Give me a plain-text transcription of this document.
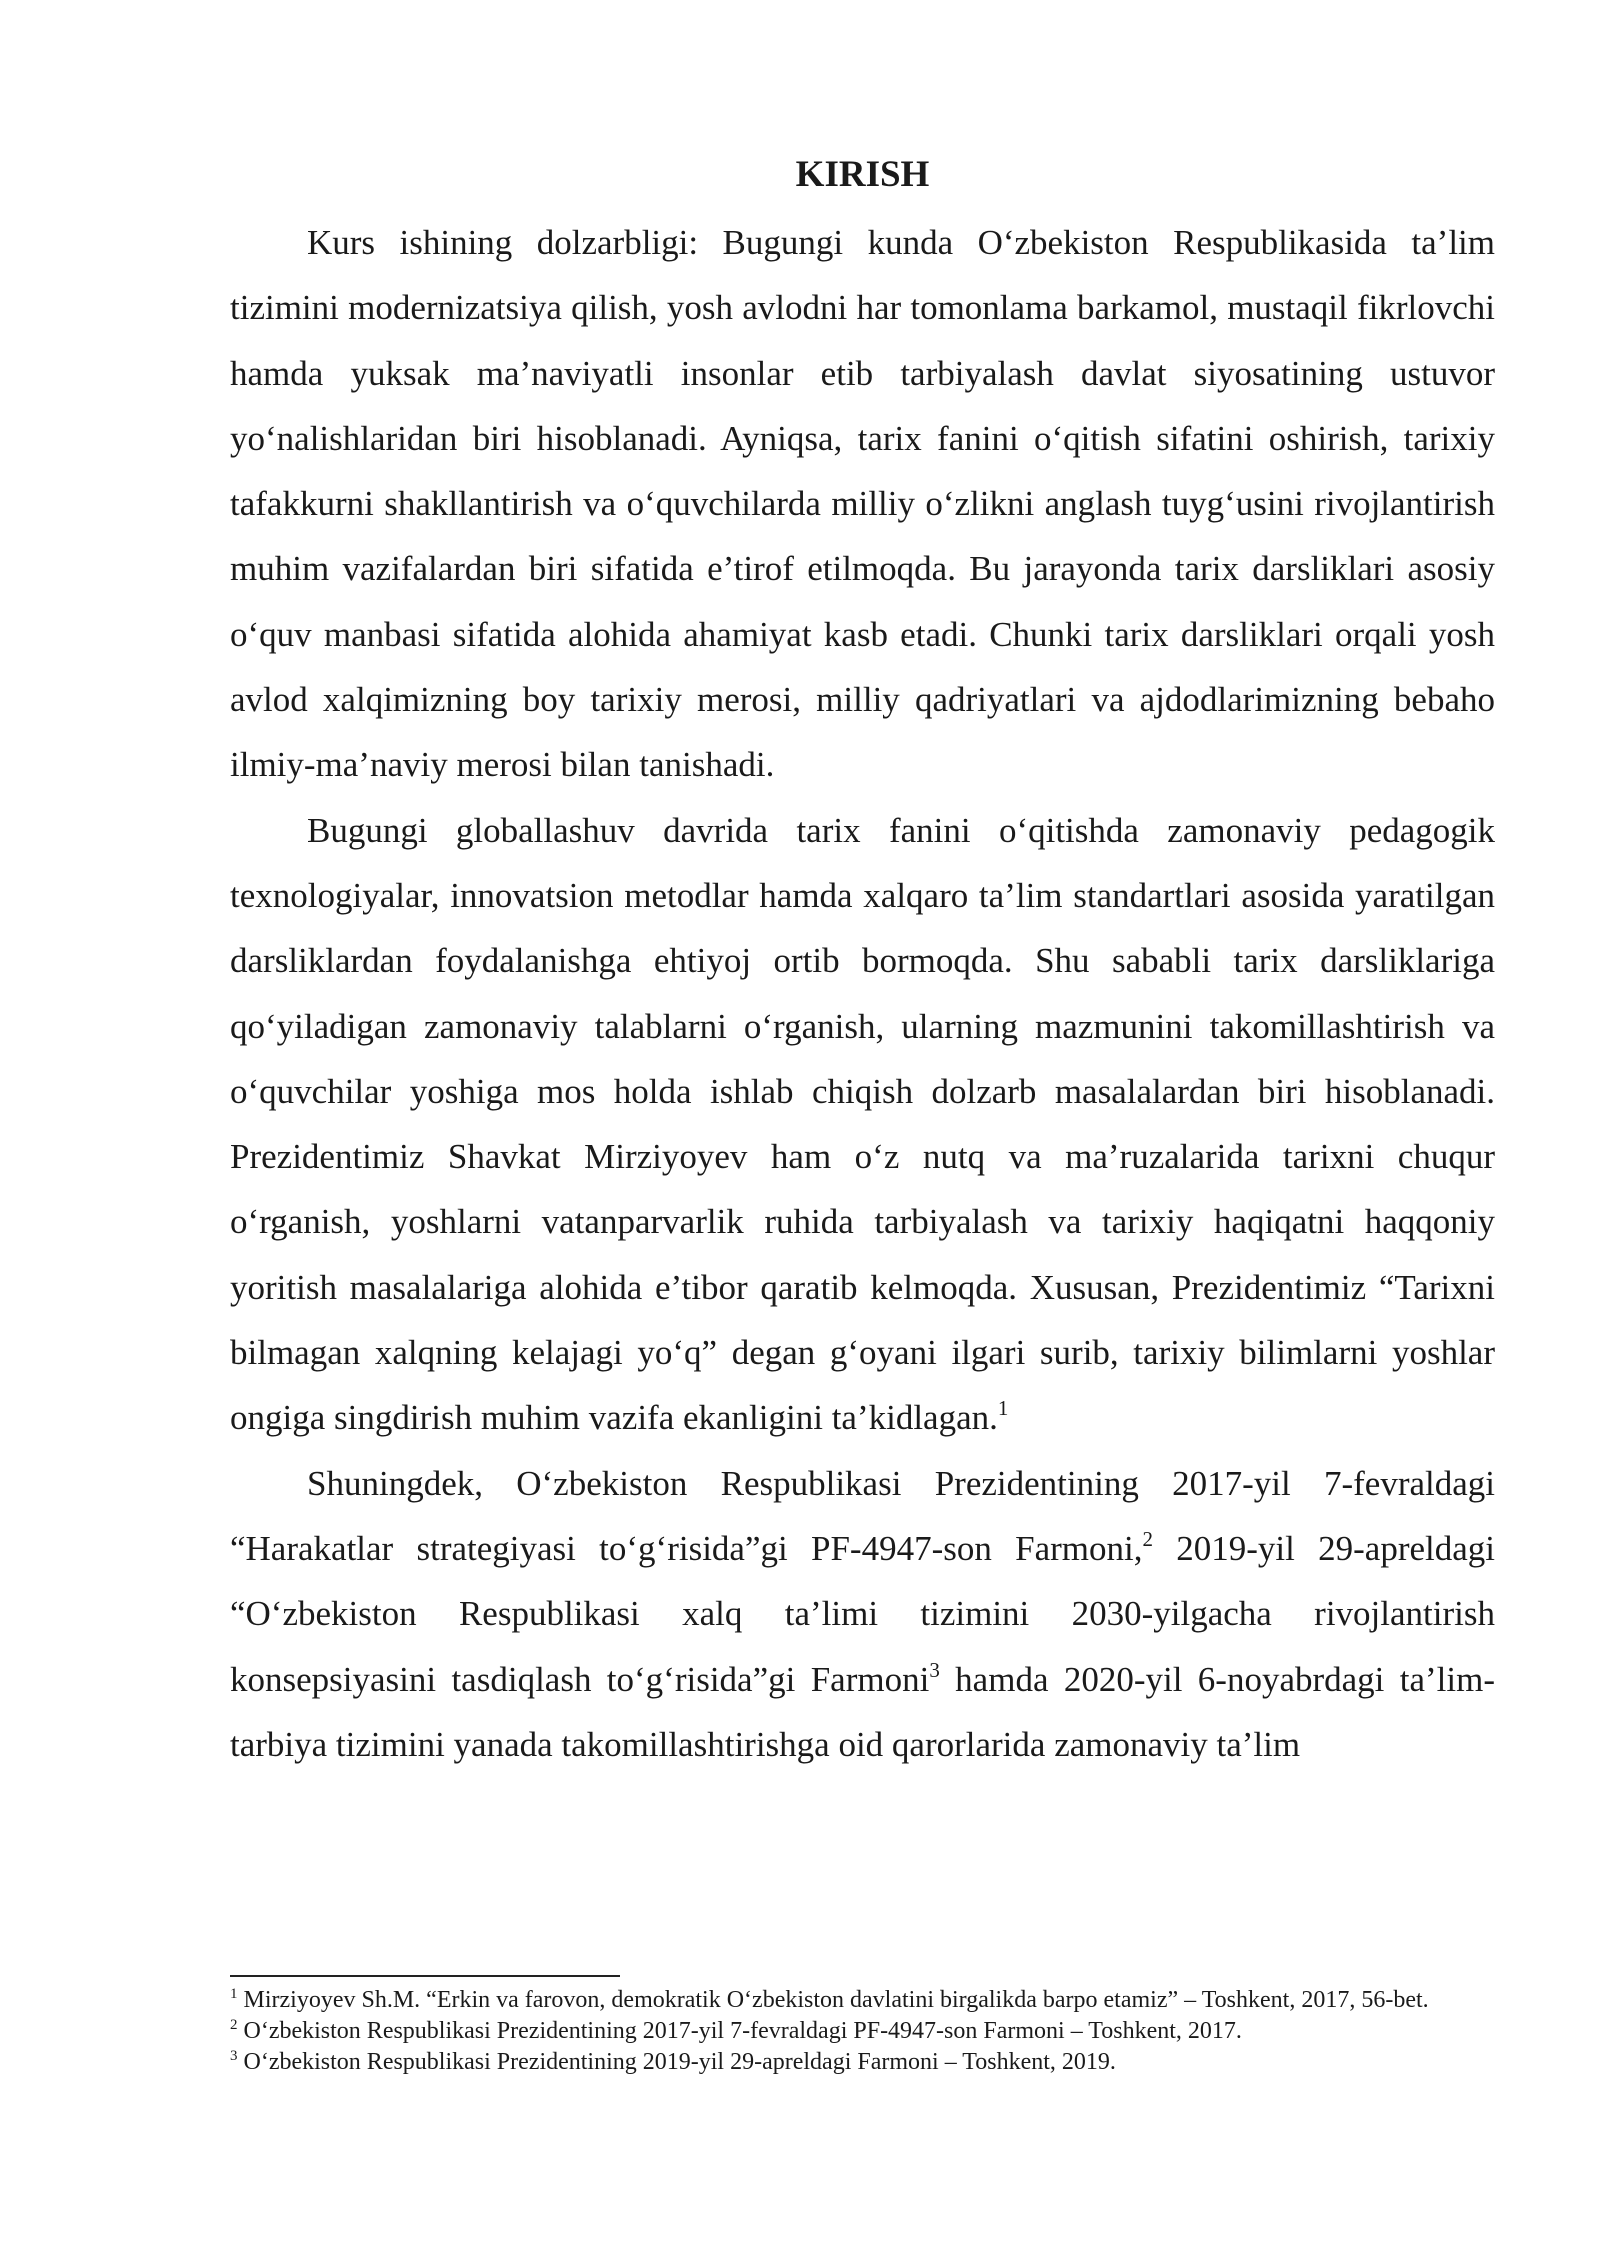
KIRISH

Kurs ishining dolzarbligi: Bugungi kunda O‘zbekiston Respublikasida ta’lim tizimini modernizatsiya qilish, yosh avlodni har tomonlama barkamol, mustaqil fikrlovchi hamda yuksak ma’naviyatli insonlar etib tarbiyalash davlat siyosatining ustuvor yo‘nalishlaridan biri hisoblanadi. Ayniqsa, tarix fanini o‘qitish sifatini oshirish, tarixiy tafakkurni shakllantirish va o‘quvchilarda milliy o‘zlikni anglash tuyg‘usini rivojlantirish muhim vazifalardan biri sifatida e’tirof etilmoqda. Bu jarayonda tarix darsliklari asosiy o‘quv manbasi sifatida alohida ahamiyat kasb etadi. Chunki tarix darsliklari orqali yosh avlod xalqimizning boy tarixiy merosi, milliy qadriyatlari va ajdodlarimizning bebaho ilmiy-ma’naviy merosi bilan tanishadi.

Bugungi globallashuv davrida tarix fanini o‘qitishda zamonaviy pedagogik texnologiyalar, innovatsion metodlar hamda xalqaro ta’lim standartlari asosida yaratilgan darsliklardan foydalanishga ehtiyoj ortib bormoqda. Shu sababli tarix darsliklariga qo‘yiladigan zamonaviy talablarni o‘rganish, ularning mazmunini takomillashtirish va o‘quvchilar yoshiga mos holda ishlab chiqish dolzarb masalalardan biri hisoblanadi. Prezidentimiz Shavkat Mirziyoyev ham o‘z nutq va ma’ruzalarida tarixni chuqur o‘rganish, yoshlarni vatanparvarlik ruhida tarbiyalash va tarixiy haqiqatni haqqoniy yoritish masalalariga alohida e’tibor qaratib kelmoqda. Xususan, Prezidentimiz “Tarixni bilmagan xalqning kelajagi yo‘q” degan g‘oyani ilgari surib, tarixiy bilimlarni yoshlar ongiga singdirish muhim vazifa ekanligini ta’kidlagan.$^1$

Shuningdek, O‘zbekiston Respublikasi Prezidentining 2017-yil 7-fevraldagi “Harakatlar strategiyasi to‘g‘risida”gi PF-4947-son Farmoni,$^2$ 2019-yil 29-apreldagi “O‘zbekiston Respublikasi xalq ta’limi tizimini 2030-yilgacha rivojlantirish konsepsiyasini tasdiqlash to‘g‘risida”gi Farmoni$^3$ hamda 2020-yil 6-noyabrdagi ta’lim-tarbiya tizimini yanada takomillashtirishga oid qarorlarida zamonaviy ta’lim

$^1$ Mirziyoyev Sh.M. “Erkin va farovon, demokratik O‘zbekiston davlatini birgalikda barpo etamiz” – Toshkent, 2017, 56-bet.

$^2$ O‘zbekiston Respublikasi Prezidentining 2017-yil 7-fevraldagi PF-4947-son Farmoni – Toshkent, 2017.

$^3$ O‘zbekiston Respublikasi Prezidentining 2019-yil 29-apreldagi Farmoni – Toshkent, 2019.
